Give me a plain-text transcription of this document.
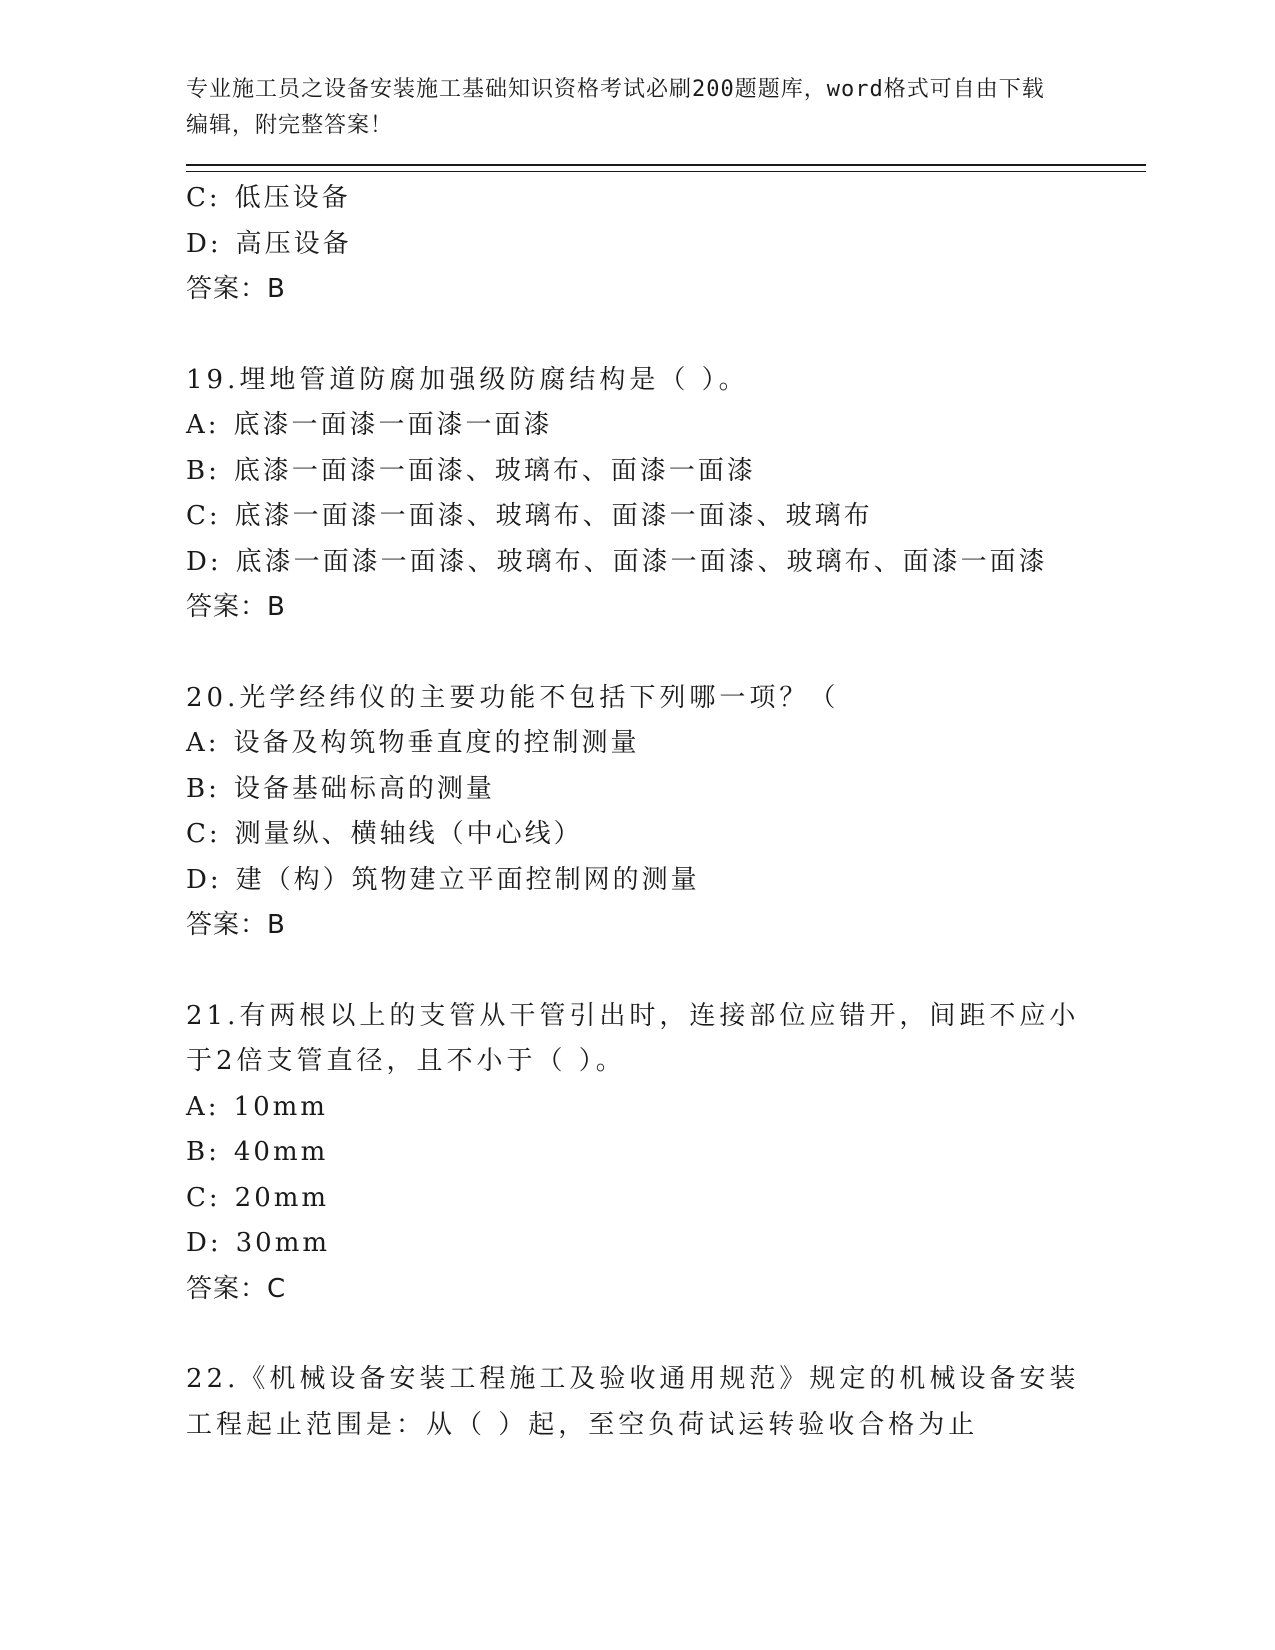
专业施工员之设备安装施工基础知识资格考试必刷200题题库，word格式可自由下载编辑，附完整答案！

C: 低压设备

D: 高压设备

答案：B

19.埋地管道防腐加强级防腐结构是（ ）。

A: 底漆一面漆一面漆一面漆

B: 底漆一面漆一面漆、玻璃布、面漆一面漆

C: 底漆一面漆一面漆、玻璃布、面漆一面漆、玻璃布

D: 底漆一面漆一面漆、玻璃布、面漆一面漆、玻璃布、面漆一面漆

答案：B

20.光学经纬仪的主要功能不包括下列哪一项？（

A: 设备及构筑物垂直度的控制测量

B: 设备基础标高的测量

C: 测量纵、横轴线（中心线）

D: 建（构）筑物建立平面控制网的测量

答案：B

21.有两根以上的支管从干管引出时，连接部位应错开，间距不应小于2倍支管直径，且不小于（ ）。

A: 10mm

B: 40mm

C: 20mm

D: 30mm

答案：C

22.《机械设备安装工程施工及验收通用规范》规定的机械设备安装工程起止范围是：从（ ）起，至空负荷试运转验收合格为止
